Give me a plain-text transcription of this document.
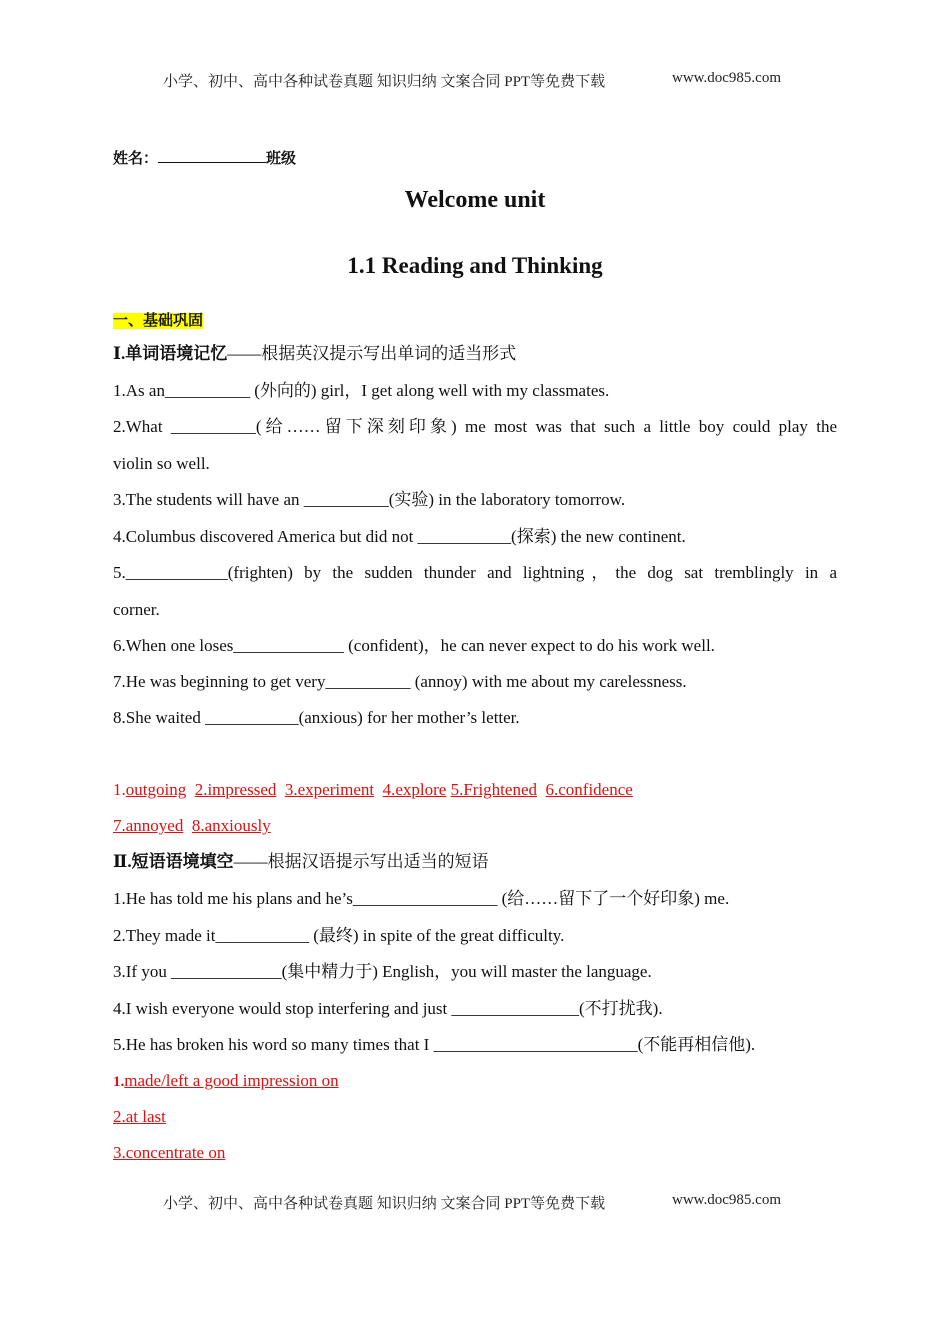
小学、初中、高中各种试卷真题 知识归纳 文案合同 PPT等免费下载	www.doc985.com
姓名：	班级
Welcome unit
1.1 Reading and Thinking
一、基础巩固
Ⅰ.单词语境记忆——根据英汉提示写出单词的适当形式
1.As an__________ (外向的) girl，I get along well with my classmates.
2.What __________(给……留下深刻印象) me most was that such a little boy could play the
violin so well.
3.The students will have an __________(实验) in the laboratory tomorrow.
4.Columbus discovered America but did not ___________(探索) the new continent.
5.____________(frighten) by the sudden thunder and lightning，the dog sat tremblingly in a
corner.
6.When one loses_____________ (confident)，he can never expect to do his work well.
7.He was beginning to get very__________ (annoy) with me about my carelessness.
8.She waited ___________(anxious) for her mother’s letter.
1.outgoing 2.impressed 3.experiment 4.explore 5.Frightened 6.confidence
7.annoyed 8.anxiously
Ⅱ.短语语境填空——根据汉语提示写出适当的短语
1.He has told me his plans and he’s_________________ (给……留下了一个好印象) me.
2.They made it___________ (最终) in spite of the great difficulty.
3.If you _____________(集中精力于) English，you will master the language.
4.I wish everyone would stop interfering and just _______________(不打扰我).
5.He has broken his word so many times that I ________________________(不能再相信他).
1.made/left a good impression on
2.at last
3.concentrate on
小学、初中、高中各种试卷真题 知识归纳 文案合同 PPT等免费下载	www.doc985.com
